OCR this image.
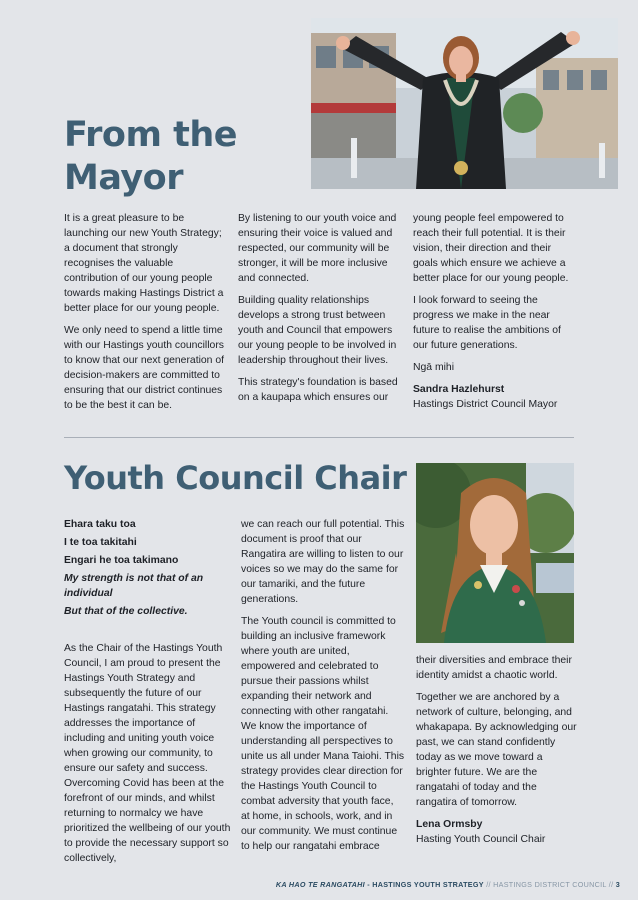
From the
Mayor

It is a great pleasure to be launching our new Youth Strategy; a document that strongly recognises the valuable contribution of our young people towards making Hastings District a better place for our young people.

We only need to spend a little time with our Hastings youth councillors to know that our next generation of decision-makers are committed to ensuring that our district continues to be the best it can be.

By listening to our youth voice and ensuring their voice is valued and respected, our community will be stronger, it will be more inclusive and connected.

Building quality relationships develops a strong trust between youth and Council that empowers our young people to be involved in leadership throughout their lives.

This strategy's foundation is based on a kaupapa which ensures our

young people feel empowered to reach their full potential. It is their vision, their direction and their goals which ensure we achieve a better place for our young people.

I look forward to seeing the progress we make in the near future to realise the ambitions of our future generations.

Ngā mihi

Sandra Hazlehurst

Hastings District Council Mayor

Youth Council Chair
Ehara taku toa
I te toa takitahi
Engari he toa takimano
My strength is not that of an individual
But that of the collective.

As the Chair of the Hastings Youth Council, I am proud to present the Hastings Youth Strategy and subsequently the future of our Hastings rangatahi. This strategy addresses the importance of including and uniting youth voice when growing our community, to ensure our safety and success. Overcoming Covid has been at the forefront of our minds, and whilst returning to normalcy we have prioritized the wellbeing of our youth to provide the necessary support so collectively,

we can reach our full potential. This document is proof that our Rangatira are willing to listen to our voices so we may do the same for our tamariki, and the future generations.

The Youth council is committed to building an inclusive framework where youth are united, empowered and celebrated to pursue their passions whilst expanding their network and connecting with other rangatahi. We know the importance of understanding all perspectives to unite us all under Mana Taiohi. This strategy provides clear direction for the Hastings Youth Council to combat adversity that youth face, at home, in schools, work, and in our community. We must continue to help our rangatahi embrace

their diversities and embrace their identity amidst a chaotic world.

Together we are anchored by a network of culture, belonging, and whakapapa. By acknowledging our past, we can stand confidently today as we move toward a brighter future. We are the rangatahi of today and the rangatira of tomorrow.

Lena Ormsby

Hasting Youth Council Chair

KA HAO TE RANGATAHI - HASTINGS YOUTH STRATEGY // HASTINGS DISTRICT COUNCIL // 3
